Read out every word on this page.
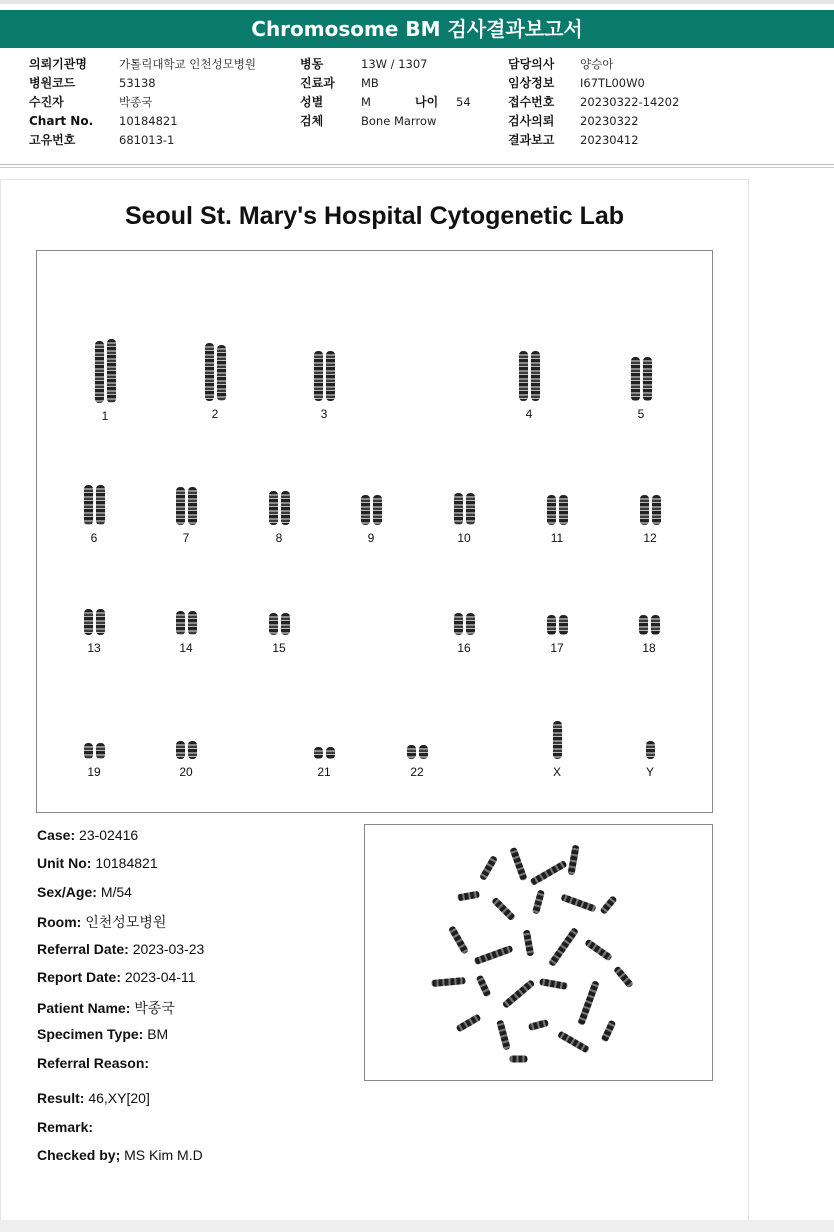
Chromosome BM 검사결과보고서
의뢰기관명	가톨릭대학교 인천성모병원
병원코드	53138
수진자	박종국
Chart No. 10184821
고유번호	681013-1
병동	13W / 1307
진료과 MB
성별	M	나이 54
검체	Bone Marrow
담당의사 양승아
임상정보 I67TL00W0
접수번호 20230322-14202
검사의뢰 20230322
결과보고 20230412
Seoul St. Mary's Hospital Cytogenetic Lab
1	2	3	4	5
6	7	8	9	10	11	12
13	14	15	16	17	18
19	20	21	22	X	Y
Case: 23-02416
Unit No: 10184821
Sex/Age: M/54
Room: 인천성모병원
Referral Date: 2023-03-23
Report Date: 2023-04-11
Patient Name: 박종국
Specimen Type: BM
Referral Reason:
Result: 46,XY[20]
Remark:
Checked by; MS Kim M.D
